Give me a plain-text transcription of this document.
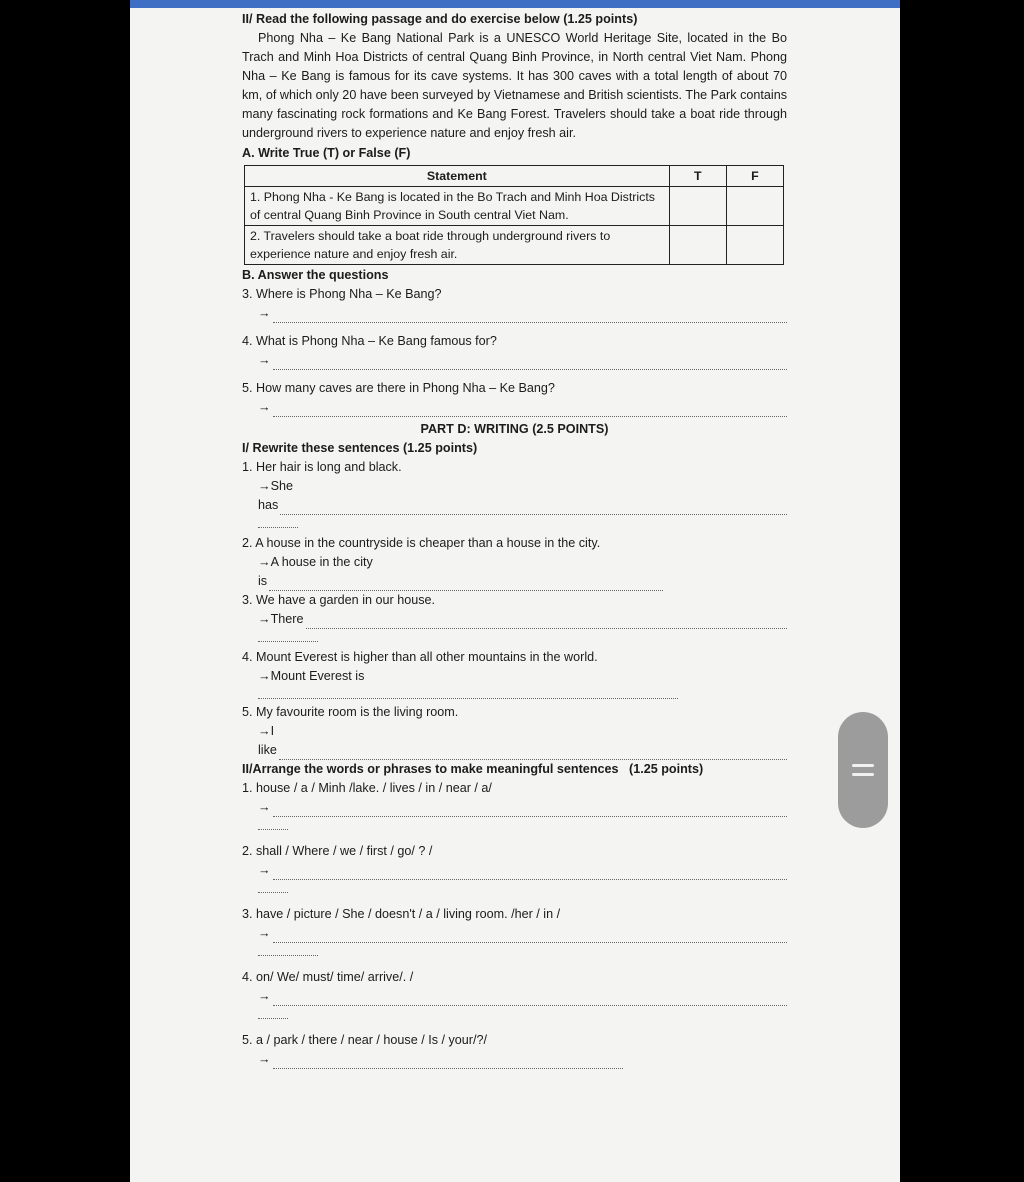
II/ Read the following passage and do exercise below (1.25 points)
Phong Nha – Ke Bang National Park is a UNESCO World Heritage Site, located in the Bo Trach and Minh Hoa Districts of central Quang Binh Province, in North central Viet Nam. Phong Nha – Ke Bang is famous for its cave systems. It has 300 caves with a total length of about 70 km, of which only 20 have been surveyed by Vietnamese and British scientists. The Park contains many fascinating rock formations and Ke Bang Forest. Travelers should take a boat ride through underground rivers to experience nature and enjoy fresh air.
A. Write True (T) or False (F)
Statement	T	F
1. Phong Nha - Ke Bang is located in the Bo Trach and Minh Hoa Districts of central Quang Binh Province in South central Viet Nam.		
2. Travelers should take a boat ride through underground rivers to experience nature and enjoy fresh air.		
B. Answer the questions
3. Where is Phong Nha – Ke Bang?
→
4. What is Phong Nha – Ke Bang famous for?
→
5. How many caves are there in Phong Nha – Ke Bang?
→
PART D: WRITING (2.5 POINTS)
I/ Rewrite these sentences (1.25 points)
1. Her hair is long and black.
→She
has
2. A house in the countryside is cheaper than a house in the city.
→A house in the city
is
3. We have a garden in our house.
→There
4. Mount Everest is higher than all other mountains in the world.
→Mount Everest is
5. My favourite room is the living room.
→I
like
II/Arrange the words or phrases to make meaningful sentences (1.25 points)
1. house / a / Minh /lake. / lives / in / near / a/
→
2. shall / Where / we / first / go/ ? /
→
3. have / picture / She / doesn't / a / living room. /her / in /
→
4. on/ We/ must/ time/ arrive/. /
→
5. a / park / there / near / house / Is / your/?/
→
